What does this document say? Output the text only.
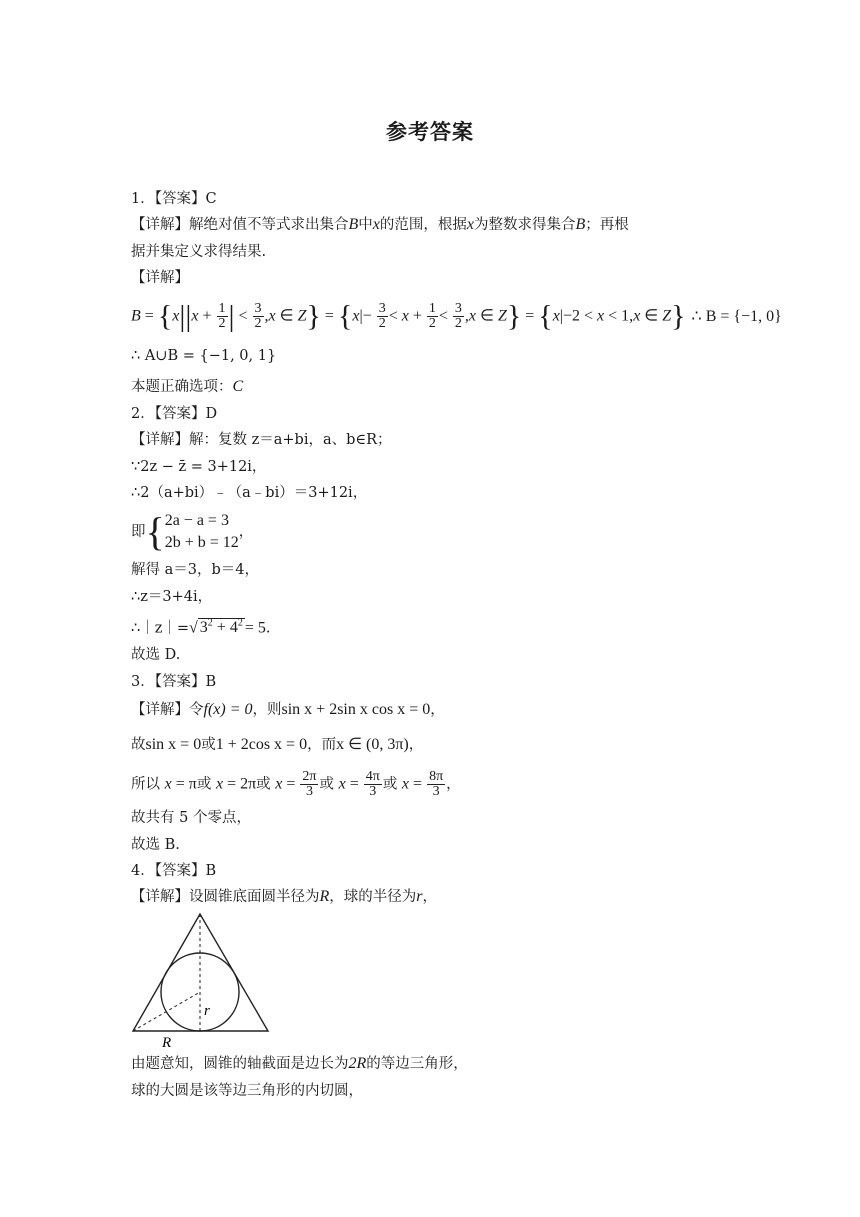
参考答案
1．【答案】C
【详解】解绝对值不等式求出集合B中x的范围，根据x为整数求得集合B；再根
据并集定义求得结果.
【详解】
$B = \{x||x + \frac{1}{2}$ | < $\frac{3}{2} ,x$ ∈ $Z\} = \{x|- \frac{3}{2} < x + \frac{1}{2} < \frac{3}{2} ,x$ ∈ Z} = {x|−2 < x < 1,x ∈ Z} ∴ B = {−1, 0}
∴ A∪B = {−1, 0, 1}
本题正确选项：C
2．【答案】D
【详解】解：复数 z＝a+bi，a、b∈R；
∵2z − z̄ = 3+12i，
∴2（a+bi）﹣（a﹣bi）＝3+12i，
即{ 2a − a = 3
2b + b = 12
，
解得 a＝3，b＝4，
∴z＝3+4i，
∴｜z｜=√ $3^2 + 4^2 = 5$.
故选 D.
3．【答案】B
【详解】令f(x) = 0，则sin x + 2sin x cos x = 0，
故sin x = 0或1 + 2cos x = 0，而x ∈ (0, 3π)，
所以 x = π或 x = 2π或 $x = \frac{2\pi}{3}$ 或 $x = \frac{4\pi}{3}$ 或 $x = \frac{8\pi}{3}$ ，
故共有 5 个零点，
故选 B.
4．【答案】B
【详解】设圆锥底面圆半径为R，球的半径为r，
r
R
由题意知，圆锥的轴截面是边长为2R的等边三角形，
球的大圆是该等边三角形的内切圆，
